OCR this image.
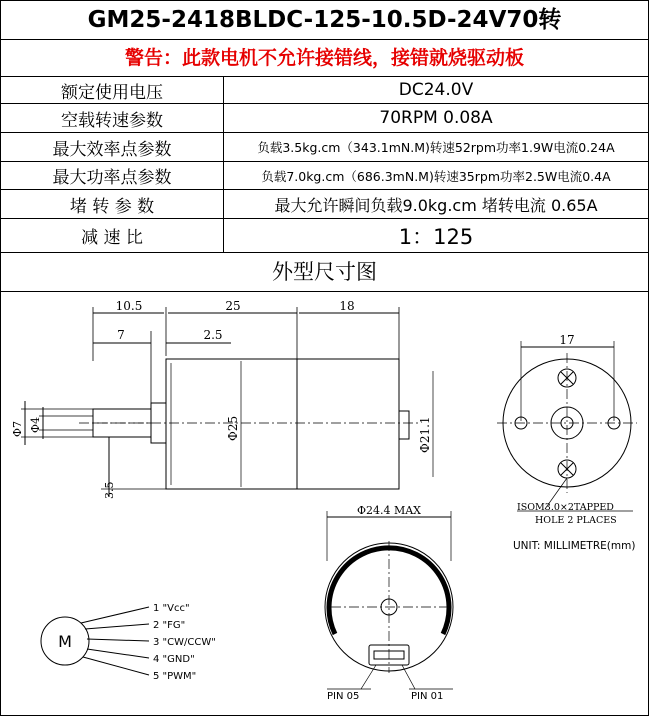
GM25-2418BLDC-125-10.5D-24V70转
警告：此款电机不允许接错线，接错就烧驱动板
额定使用电压	DC24.0V
空载转速参数	70RPM 0.08A
最大效率点参数	负载3.5kg.cm（343.1mN.M)转速52rpm功率1.9W电流0.24A
最大功率点参数	负载7.0kg.cm（686.3mN.M)转速35rpm功率2.5W电流0.4A
堵 转 参 数	最大允许瞬间负载9.0kg.cm 堵转电流 0.65A
减 速 比	1：125
外型尺寸图
10.5	25	18
7	2.5
Φ7 Φ4	Φ25	Φ21.1
3.5
17
ISOM3.0×2TAPPED
HOLE 2 PLACES
UNIT: MILLIMETRE(mm)
Φ24.4 MAX
PIN 05	PIN 01
M
1 "Vcc"
2 "FG"
3 "CW/CCW"
4 "GND"
5 "PWM"
